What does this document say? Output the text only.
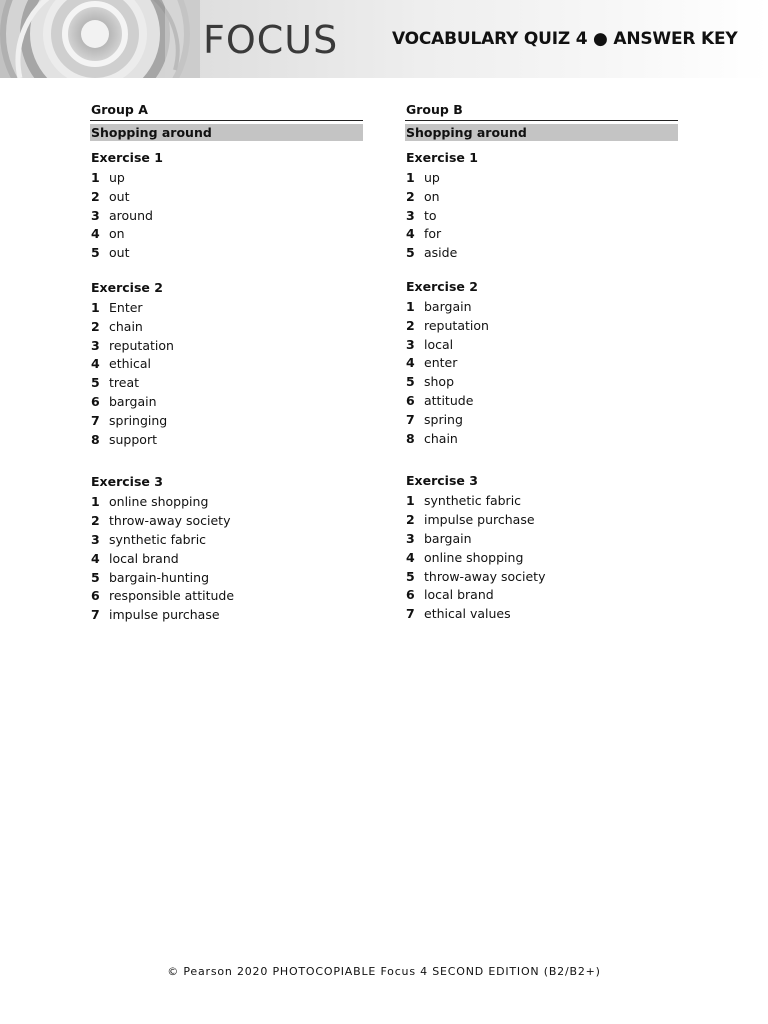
FOCUS	VOCABULARY QUIZ 4 ● ANSWER KEY
Group A
Shopping around
Exercise 1
1 up
2 out
3 around
4 on
5 out
Exercise 2
1 Enter
2 chain
3 reputation
4 ethical
5 treat
6 bargain
7 springing
8 support
Exercise 3
1 online shopping
2 throw-away society
3 synthetic fabric
4 local brand
5 bargain-hunting
6 responsible attitude
7 impulse purchase
Group B
Shopping around
Exercise 1
1 up
2 on
3 to
4 for
5 aside
Exercise 2
1 bargain
2 reputation
3 local
4 enter
5 shop
6 attitude
7 spring
8 chain
Exercise 3
1 synthetic fabric
2 impulse purchase
3 bargain
4 online shopping
5 throw-away society
6 local brand
7 ethical values
© Pearson 2020 PHOTOCOPIABLE Focus 4 SECOND EDITION (B2/B2+)
